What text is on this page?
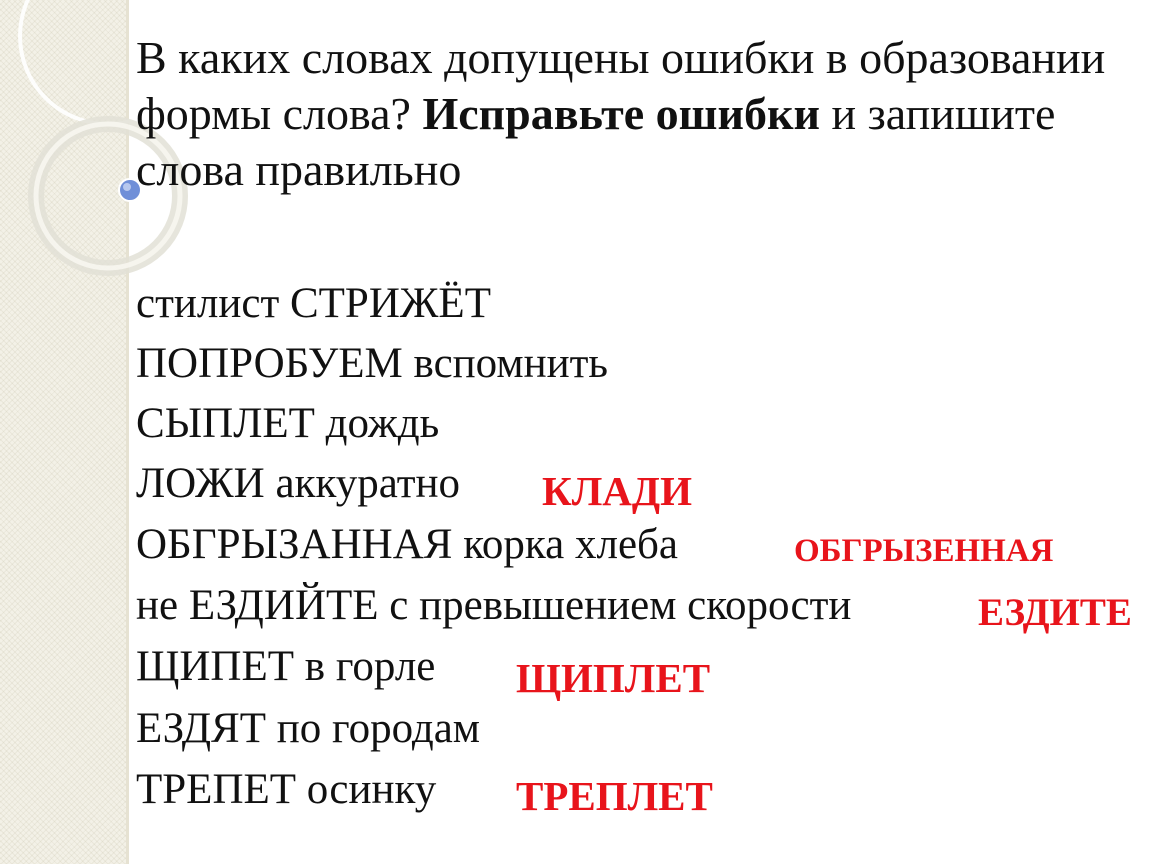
В каких словах допущены ошибки в образовании формы слова? Исправьте ошибки и запишите слова правильно

стилист СТРИЖЁТ
ПОПРОБУЕМ вспомнить
СЫПЛЕТ дождь
ЛОЖИ аккуратно
ОБГРЫЗАННАЯ корка хлеба
не ЕЗДИЙТЕ с превышением скорости
ЩИПЕТ в горле
ЕЗДЯТ по городам
ТРЕПЕТ осинку
КЛАДИ
ОБГРЫЗЕННАЯ
ЕЗДИТЕ
ЩИПЛЕТ
ТРЕПЛЕТ
